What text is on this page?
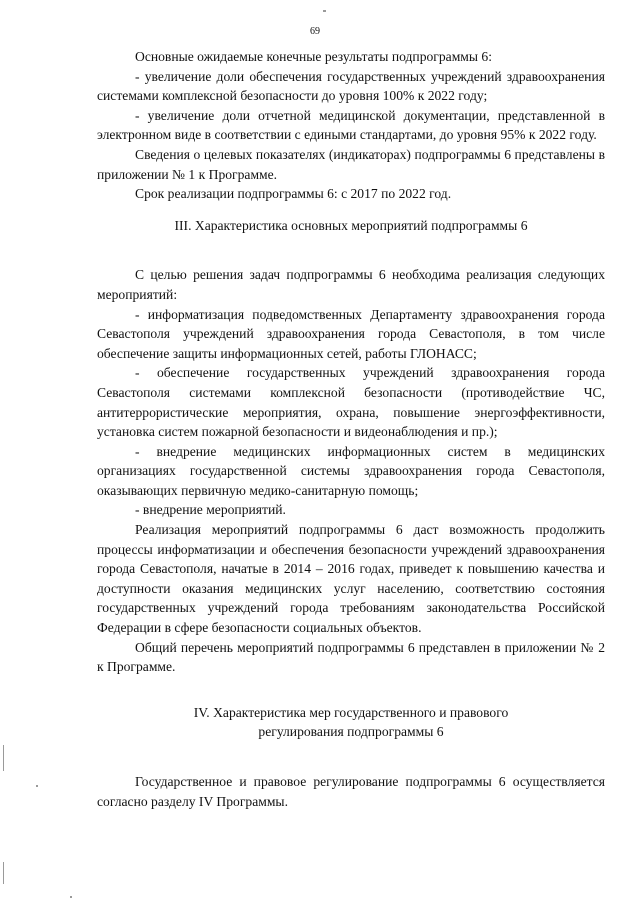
69

Основные ожидаемые конечные результаты подпрограммы 6:

- увеличение доли обеспечения государственных учреждений здравоохранения системами комплексной безопасности до уровня 100% к 2022 году;

- увеличение доли отчетной медицинской документации, представленной в электронном виде в соответствии с едиными стандартами, до уровня 95% к 2022 году.

Сведения о целевых показателях (индикаторах) подпрограммы 6 представлены в приложении № 1 к Программе.

Срок реализации подпрограммы 6: с 2017 по 2022 год.

III. Характеристика основных мероприятий подпрограммы 6

С целью решения задач подпрограммы 6 необходима реализация следующих мероприятий:

- информатизация подведомственных Департаменту здравоохранения города Севастополя учреждений здравоохранения города Севастополя, в том числе обеспечение защиты информационных сетей, работы ГЛОНАСС;

- обеспечение государственных учреждений здравоохранения города Севастополя системами комплексной безопасности (противодействие ЧС, антитеррористические мероприятия, охрана, повышение энергоэффективности, установка систем пожарной безопасности и видеонаблюдения и пр.);

- внедрение медицинских информационных систем в медицинских организациях государственной системы здравоохранения города Севастополя, оказывающих первичную медико-санитарную помощь;

- внедрение мероприятий.

Реализация мероприятий подпрограммы 6 даст возможность продолжить процессы информатизации и обеспечения безопасности учреждений здравоохранения города Севастополя, начатые в 2014 – 2016 годах, приведет к повышению качества и доступности оказания медицинских услуг населению, соответствию состояния государственных учреждений города требованиям законодательства Российской Федерации в сфере безопасности социальных объектов.

Общий перечень мероприятий подпрограммы 6 представлен в приложении № 2 к Программе.

IV. Характеристика мер государственного и правового

регулирования подпрограммы 6

Государственное и правовое регулирование подпрограммы 6 осуществляется согласно разделу IV Программы.
